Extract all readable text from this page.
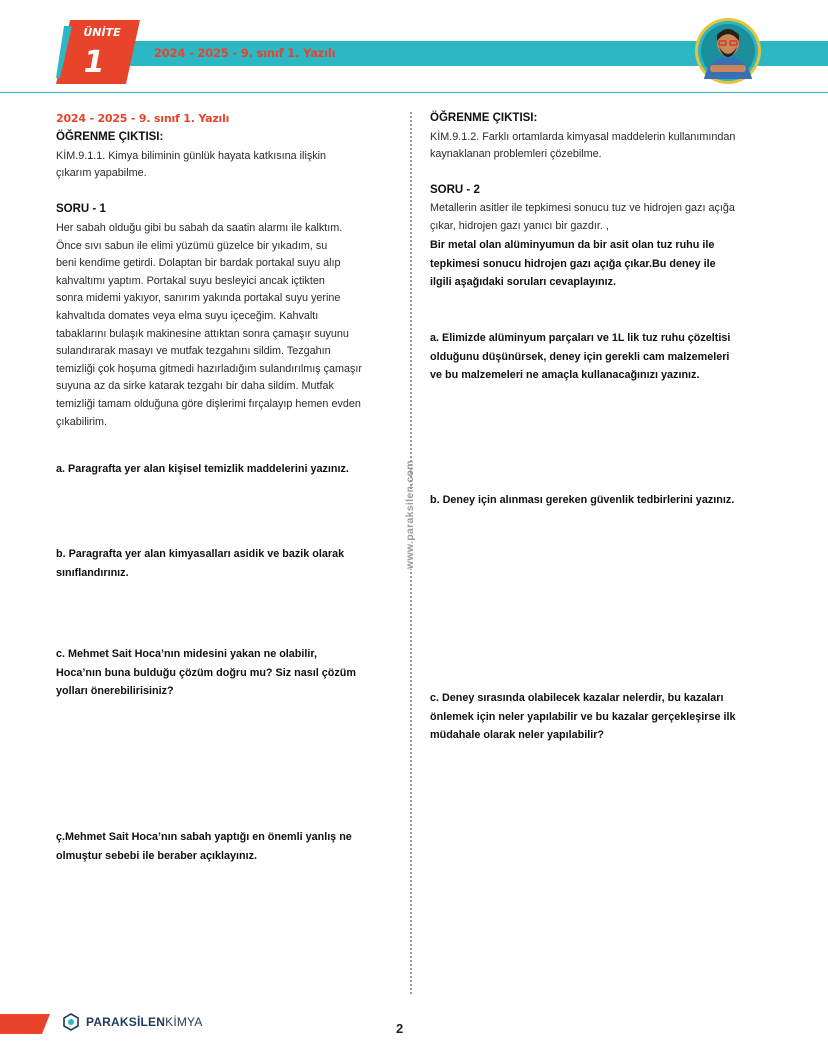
2024 - 2025 - 9. sınıf 1. Yazılı
ÜNİTE
1
2024 - 2025 - 9. sınıf 1. Yazılı
ÖĞRENME ÇIKTISI:
KİM.9.1.1. Kimya biliminin günlük hayata katkısına ilişkin
çıkarım yapabilme.
SORU - 1
Her sabah olduğu gibi bu sabah da saatin alarmı ile kalktım.
Önce sıvı sabun ile elimi yüzümü güzelce bir yıkadım, su
beni kendime getirdi. Dolaptan bir bardak portakal suyu alıp
kahvaltımı yaptım. Portakal suyu besleyici ancak içtikten
sonra midemi yakıyor, sanırım yakında portakal suyu yerine
kahvaltıda domates veya elma suyu içeceğim. Kahvaltı
tabaklarını bulaşık makinesine attıktan sonra çamaşır suyunu
sulandırarak masayı ve mutfak tezgahını sildim. Tezgahın
temizliği çok hoşuma gitmedi hazırladığım sulandırılmış çamaşır
suyuna az da sirke katarak tezgahı bir daha sildim. Mutfak
temizliği tamam olduğuna göre dişlerimi fırçalayıp hemen evden
çıkabilirim.
a. Paragrafta yer alan kişisel temizlik maddelerini yazınız.
b. Paragrafta yer alan kimyasalları asidik ve bazik olarak
sınıflandırınız.
c. Mehmet Sait Hoca’nın midesini yakan ne olabilir,
Hoca’nın buna bulduğu çözüm doğru mu? Siz nasıl çözüm
yolları önerebilirisiniz?
ç.Mehmet Sait Hoca’nın sabah yaptığı en önemli yanlış ne
olmuştur sebebi ile beraber açıklayınız.
www.paraksilen.com
ÖĞRENME ÇIKTISI:
KİM.9.1.2. Farklı ortamlarda kimyasal maddelerin kullanımından
kaynaklanan problemleri çözebilme.
SORU - 2
Metallerin asitler ile tepkimesi sonucu tuz ve hidrojen gazı açığa
çıkar, hidrojen gazı yanıcı bir gazdır. ,
Bir metal olan alüminyumun da bir asit olan tuz ruhu ile
tepkimesi sonucu hidrojen gazı açığa çıkar.Bu deney ile
ilgili aşağıdaki soruları cevaplayınız.
a. Elimizde alüminyum parçaları ve 1L lik tuz ruhu çözeltisi
olduğunu düşünürsek, deney için gerekli cam malzemeleri
ve bu malzemeleri ne amaçla kullanacağınızı yazınız.
b. Deney için alınması gereken güvenlik tedbirlerini yazınız.
c. Deney sırasında olabilecek kazalar nelerdir, bu kazaları
önlemek için neler yapılabilir ve bu kazalar gerçekleşirse ilk
müdahale olarak neler yapılabilir?
PARAKSİLENKİMYA	2
